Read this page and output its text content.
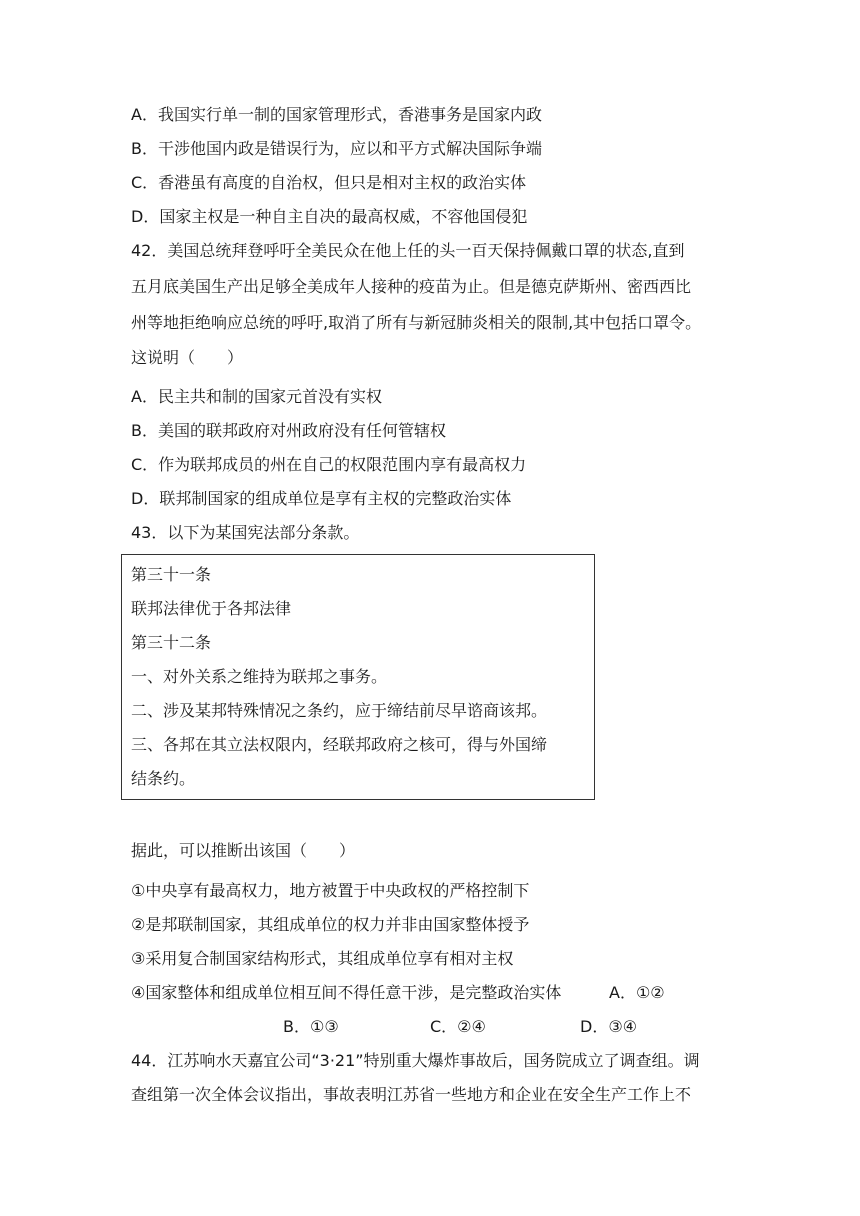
A．我国实行单一制的国家管理形式，香港事务是国家内政
B．干涉他国内政是错误行为，应以和平方式解决国际争端
C．香港虽有高度的自治权，但只是相对主权的政治实体
D．国家主权是一种自主自决的最高权威，不容他国侵犯
42．美国总统拜登呼吁全美民众在他上任的头一百天保持佩戴口罩的状态,直到
五月底美国生产出足够全美成年人接种的疫苗为止。但是德克萨斯州、密西西比
州等地拒绝响应总统的呼吁,取消了所有与新冠肺炎相关的限制,其中包括口罩令。
这说明（　　）
A．民主共和制的国家元首没有实权
B．美国的联邦政府对州政府没有任何管辖权
C．作为联邦成员的州在自己的权限范围内享有最高权力
D．联邦制国家的组成单位是享有主权的完整政治实体
43．以下为某国宪法部分条款。
第三十一条
联邦法律优于各邦法律
第三十二条
一、对外关系之维持为联邦之事务。
二、涉及某邦特殊情况之条约，应于缔结前尽早谘商该邦。
三、各邦在其立法权限内，经联邦政府之核可，得与外国缔
结条约。
据此，可以推断出该国（　　）
①中央享有最高权力，地方被置于中央政权的严格控制下
②是邦联制国家，其组成单位的权力并非由国家整体授予
③采用复合制国家结构形式，其组成单位享有相对主权
④国家整体和组成单位相互间不得任意干涉，是完整政治实体	A．①②
B．①③	C．②④	D．③④
44．江苏响水天嘉宜公司“3·21”特别重大爆炸事故后，国务院成立了调查组。调
查组第一次全体会议指出，事故表明江苏省一些地方和企业在安全生产工作上不
